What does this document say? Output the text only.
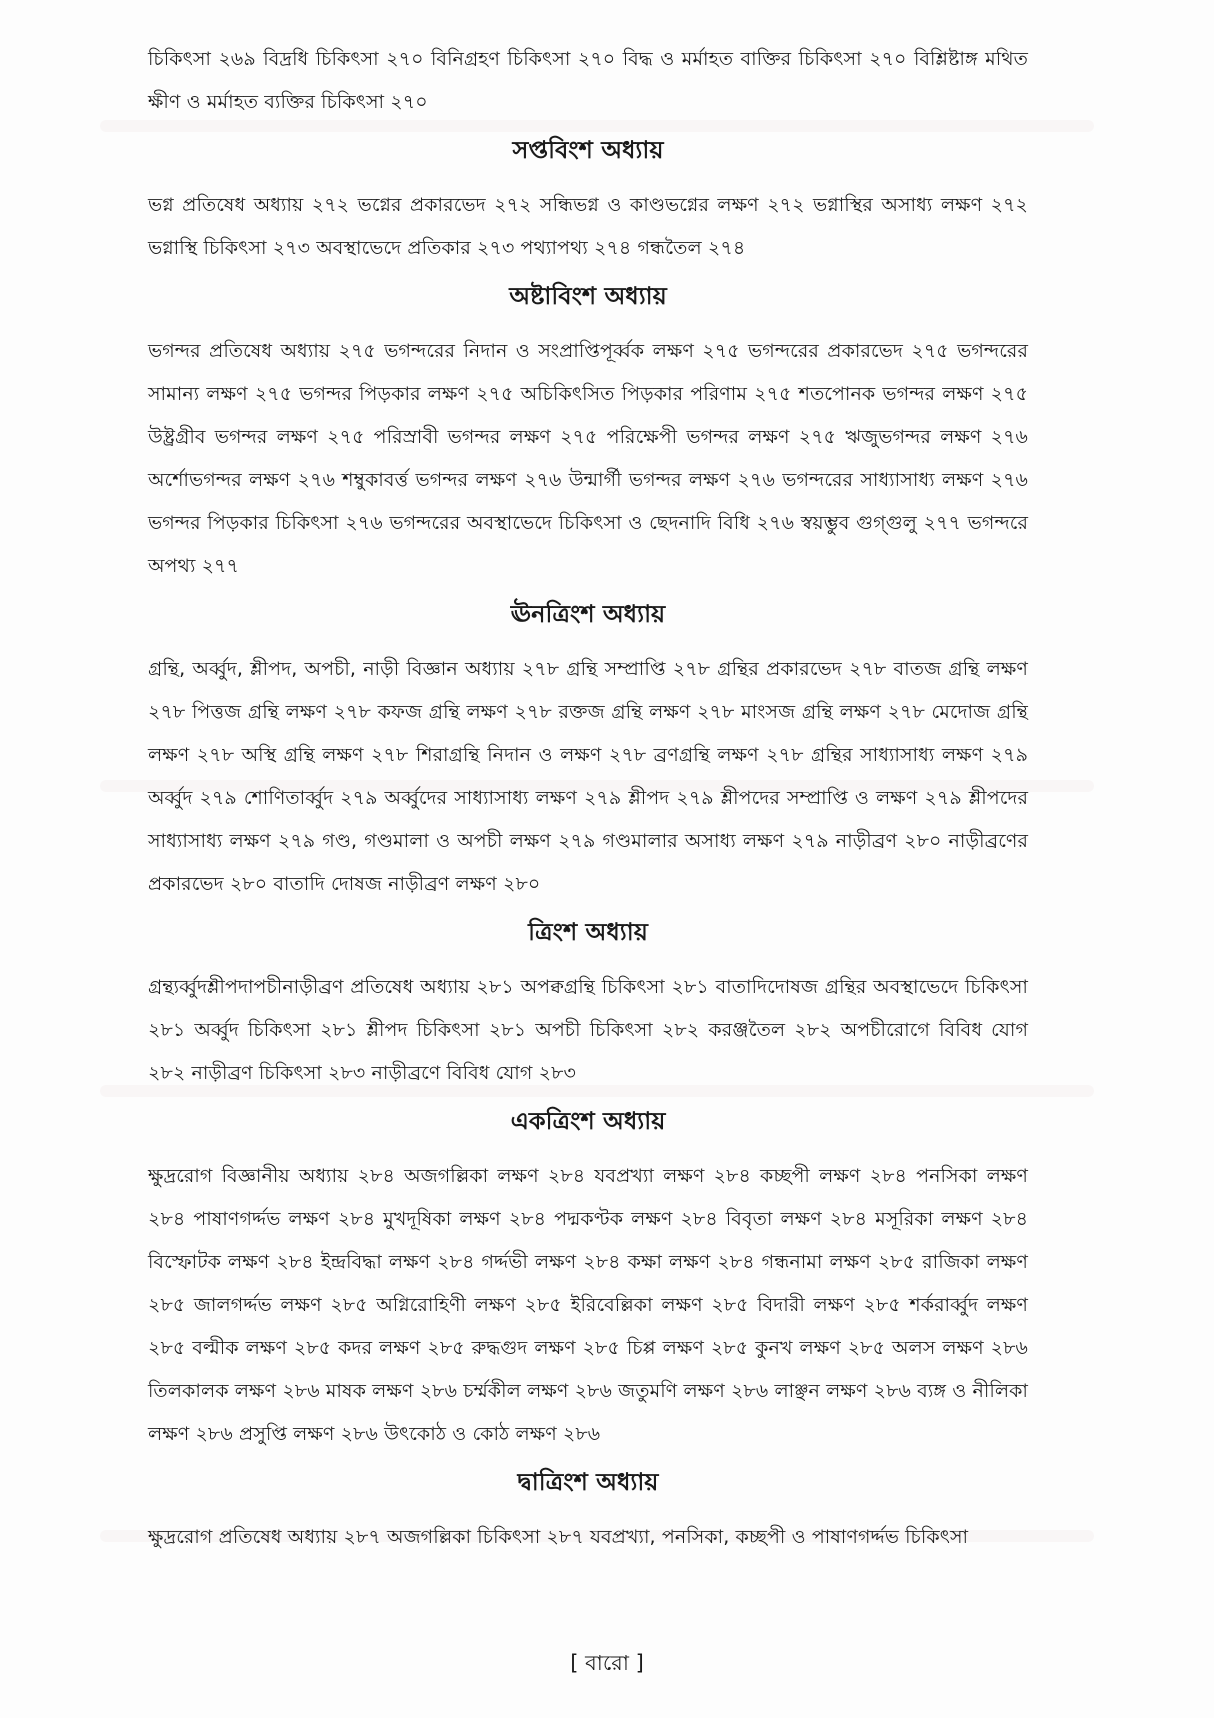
চিকিৎসা ২৬৯ বিদ্রধি চিকিৎসা ২৭০ বিনিগ্রহণ চিকিৎসা ২৭০ বিদ্ধ ও মর্মাহত বাক্তির চিকিৎসা ২৭০ বিশ্লিষ্টাঙ্গ মথিত ক্ষীণ ও মর্মাহত ব্যক্তির চিকিৎসা ২৭০

সপ্তবিংশ অধ্যায়

ভগ্ন প্রতিষেধ অধ্যায় ২৭২ ভগ্নের প্রকারভেদ ২৭২ সন্ধিভগ্ন ও কাণ্ডভগ্নের লক্ষণ ২৭২ ভগ্নাস্থির অসাধ্য লক্ষণ ২৭২ ভগ্নাস্থি চিকিৎসা ২৭৩ অবস্থাভেদে প্রতিকার ২৭৩ পথ্যাপথ্য ২৭৪ গন্ধতৈল ২৭৪

অষ্টাবিংশ অধ্যায়

ভগন্দর প্রতিষেধ অধ্যায় ২৭৫ ভগন্দরের নিদান ও সংপ্রাপ্তিপূর্ব্বক লক্ষণ ২৭৫ ভগন্দরের প্রকারভেদ ২৭৫ ভগন্দরের সামান্য লক্ষণ ২৭৫ ভগন্দর পিড়কার লক্ষণ ২৭৫ অচিকিৎসিত পিড়কার পরিণাম ২৭৫ শতপোনক ভগন্দর লক্ষণ ২৭৫ উষ্ট্রগ্রীব ভগন্দর লক্ষণ ২৭৫ পরিস্রাবী ভগন্দর লক্ষণ ২৭৫ পরিক্ষেপী ভগন্দর লক্ষণ ২৭৫ ঋজুভগন্দর লক্ষণ ২৭৬ অর্শোভগন্দর লক্ষণ ২৭৬ শম্বুকাবর্ত্ত ভগন্দর লক্ষণ ২৭৬ উন্মার্গী ভগন্দর লক্ষণ ২৭৬ ভগন্দরের সাধ্যাসাধ্য লক্ষণ ২৭৬ ভগন্দর পিড়কার চিকিৎসা ২৭৬ ভগন্দরের অবস্থাভেদে চিকিৎসা ও ছেদনাদি বিধি ২৭৬ স্বয়ম্ভুব গুগ্গুলু ২৭৭ ভগন্দরে অপথ্য ২৭৭

ঊনত্রিংশ অধ্যায়

গ্রন্থি, অর্ব্বুদ, শ্লীপদ, অপচী, নাড়ী বিজ্ঞান অধ্যায় ২৭৮ গ্রন্থি সম্প্রাপ্তি ২৭৮ গ্রন্থির প্রকারভেদ ২৭৮ বাতজ গ্রন্থি লক্ষণ ২৭৮ পিত্তজ গ্রন্থি লক্ষণ ২৭৮ কফজ গ্রন্থি লক্ষণ ২৭৮ রক্তজ গ্রন্থি লক্ষণ ২৭৮ মাংসজ গ্রন্থি লক্ষণ ২৭৮ মেদোজ গ্রন্থি লক্ষণ ২৭৮ অস্থি গ্রন্থি লক্ষণ ২৭৮ শিরাগ্রন্থি নিদান ও লক্ষণ ২৭৮ ব্রণগ্রন্থি লক্ষণ ২৭৮ গ্রন্থির সাধ্যাসাধ্য লক্ষণ ২৭৯ অর্ব্বুদ ২৭৯ শোণিতার্ব্বুদ ২৭৯ অর্ব্বুদের সাধ্যাসাধ্য লক্ষণ ২৭৯ শ্লীপদ ২৭৯ শ্লীপদের সম্প্রাপ্তি ও লক্ষণ ২৭৯ শ্লীপদের সাধ্যাসাধ্য লক্ষণ ২৭৯ গণ্ড, গণ্ডমালা ও অপচী লক্ষণ ২৭৯ গণ্ডমালার অসাধ্য লক্ষণ ২৭৯ নাড়ীব্রণ ২৮০ নাড়ীব্রণের প্রকারভেদ ২৮০ বাতাদি দোষজ নাড়ীব্রণ লক্ষণ ২৮০

ত্রিংশ অধ্যায়

গ্রন্থ্যর্ব্বুদশ্লীপদাপচীনাড়ীব্রণ প্রতিষেধ অধ্যায় ২৮১ অপক্বগ্রন্থি চিকিৎসা ২৮১ বাতাদিদোষজ গ্রন্থির অবস্থাভেদে চিকিৎসা ২৮১ অর্ব্বুদ চিকিৎসা ২৮১ শ্লীপদ চিকিৎসা ২৮১ অপচী চিকিৎসা ২৮২ করঞ্জতৈল ২৮২ অপচীরোগে বিবিধ যোগ ২৮২ নাড়ীব্রণ চিকিৎসা ২৮৩ নাড়ীব্রণে বিবিধ যোগ ২৮৩

একত্রিংশ অধ্যায়

ক্ষুদ্ররোগ বিজ্ঞানীয় অধ্যায় ২৮৪ অজগল্লিকা লক্ষণ ২৮৪ যবপ্রখ্যা লক্ষণ ২৮৪ কচ্ছপী লক্ষণ ২৮৪ পনসিকা লক্ষণ ২৮৪ পাষাণগর্দ্দভ লক্ষণ ২৮৪ মুখদূষিকা লক্ষণ ২৮৪ পদ্মকণ্টক লক্ষণ ২৮৪ বিবৃতা লক্ষণ ২৮৪ মসূরিকা লক্ষণ ২৮৪ বিস্ফোটক লক্ষণ ২৮৪ ইন্দ্রবিদ্ধা লক্ষণ ২৮৪ গর্দ্দভী লক্ষণ ২৮৪ কক্ষা লক্ষণ ২৮৪ গন্ধনামা লক্ষণ ২৮৫ রাজিকা লক্ষণ ২৮৫ জালগর্দ্দভ লক্ষণ ২৮৫ অগ্নিরোহিণী লক্ষণ ২৮৫ ইরিবেল্লিকা লক্ষণ ২৮৫ বিদারী লক্ষণ ২৮৫ শর্করার্ব্বুদ লক্ষণ ২৮৫ বল্মীক লক্ষণ ২৮৫ কদর লক্ষণ ২৮৫ রুদ্ধগুদ লক্ষণ ২৮৫ চিপ্প লক্ষণ ২৮৫ কুনখ লক্ষণ ২৮৫ অলস লক্ষণ ২৮৬ তিলকালক লক্ষণ ২৮৬ মাষক লক্ষণ ২৮৬ চর্ম্মকীল লক্ষণ ২৮৬ জতুমণি লক্ষণ ২৮৬ লাঞ্ছন লক্ষণ ২৮৬ ব্যঙ্গ ও নীলিকা লক্ষণ ২৮৬ প্রসুপ্তি লক্ষণ ২৮৬ উৎকোঠ ও কোঠ লক্ষণ ২৮৬

দ্বাত্রিংশ অধ্যায়

ক্ষুদ্ররোগ প্রতিষেধ অধ্যায় ২৮৭ অজগল্লিকা চিকিৎসা ২৮৭ যবপ্রখ্যা, পনসিকা, কচ্ছপী ও পাষাণগর্দ্দভ চিকিৎসা

[ বারো ]
